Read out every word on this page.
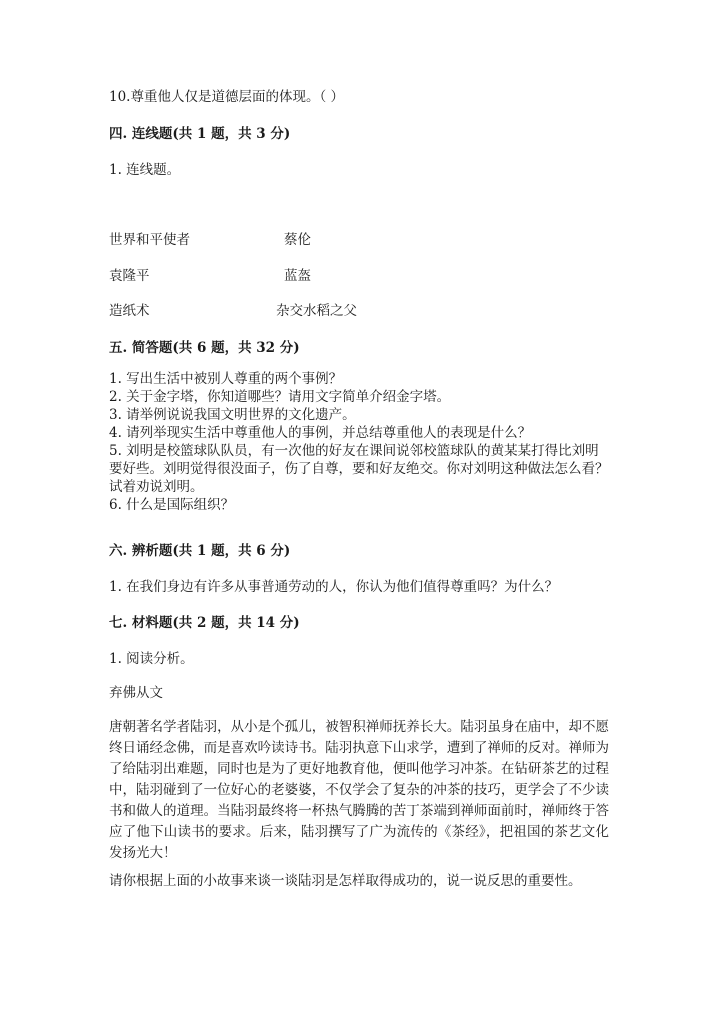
10.尊重他人仅是道德层面的体现。（ ）
四. 连线题(共 1 题，共 3 分)
1. 连线题。
世界和平使者	蔡伦
袁隆平	蓝盔
造纸术	杂交水稻之父
五. 简答题(共 6 题，共 32 分)
1. 写出生活中被别人尊重的两个事例？
2. 关于金字塔，你知道哪些？请用文字简单介绍金字塔。
3. 请举例说说我国文明世界的文化遗产。
4. 请列举现实生活中尊重他人的事例，并总结尊重他人的表现是什么？
5. 刘明是校篮球队队员，有一次他的好友在课间说邻校篮球队的黄某某打得比刘明要好些。刘明觉得很没面子，伤了自尊，要和好友绝交。你对刘明这种做法怎么看？试着劝说刘明。
6. 什么是国际组织？
六. 辨析题(共 1 题，共 6 分)
1. 在我们身边有许多从事普通劳动的人，你认为他们值得尊重吗？为什么？
七. 材料题(共 2 题，共 14 分)
1. 阅读分析。
弃佛从文
唐朝著名学者陆羽，从小是个孤儿，被智积禅师抚养长大。陆羽虽身在庙中，却不愿终日诵经念佛，而是喜欢吟读诗书。陆羽执意下山求学，遭到了禅师的反对。禅师为了给陆羽出难题，同时也是为了更好地教育他，便叫他学习冲茶。在钻研茶艺的过程中，陆羽碰到了一位好心的老婆婆，不仅学会了复杂的冲茶的技巧，更学会了不少读书和做人的道理。当陆羽最终将一杯热气腾腾的苦丁茶端到禅师面前时，禅师终于答应了他下山读书的要求。后来，陆羽撰写了广为流传的《茶经》，把祖国的茶艺文化发扬光大！
请你根据上面的小故事来谈一谈陆羽是怎样取得成功的，说一说反思的重要性。
